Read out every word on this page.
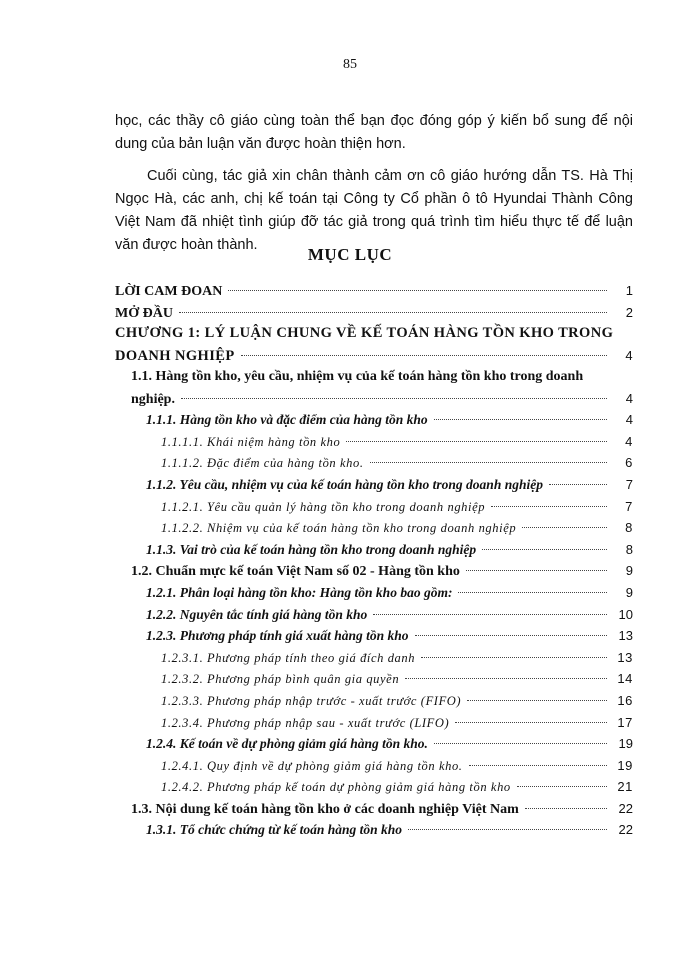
85

học, các thầy cô giáo cùng toàn thể bạn đọc đóng góp ý kiến bổ sung để nội dung của bản luận văn được hoàn thiện hơn.

Cuối cùng, tác giả xin chân thành cảm ơn cô giáo hướng dẫn TS. Hà Thị Ngọc Hà, các anh, chị kế toán tại Công ty Cổ phần ô tô Hyundai Thành Công Việt Nam đã nhiệt tình giúp đỡ tác giả trong quá trình tìm hiểu thực tế để luận văn được hoàn thành.	MỤC LỤC
LỜI CAM ĐOAN	1
MỞ ĐẦU	2
CHƯƠNG 1: LÝ LUẬN CHUNG VỀ KẾ TOÁN HÀNG TỒN KHO TRONG
DOANH NGHIỆP	4
1.1. Hàng tồn kho, yêu cầu, nhiệm vụ của kế toán hàng tồn kho trong doanh
nghiệp.	4
1.1.1. Hàng tồn kho và đặc điểm của hàng tồn kho	4
1.1.1.1. Khái niệm hàng tồn kho	4
1.1.1.2. Đặc điểm của hàng tồn kho.	6
1.1.2. Yêu cầu, nhiệm vụ của kế toán hàng tồn kho trong doanh nghiệp	7
1.1.2.1. Yêu cầu quản lý hàng tồn kho trong doanh nghiệp	7
1.1.2.2. Nhiệm vụ của kế toán hàng tồn kho trong doanh nghiệp	8
1.1.3. Vai trò của kế toán hàng tồn kho trong doanh nghiệp	8
1.2. Chuẩn mực kế toán Việt Nam số 02 - Hàng tồn kho	9
1.2.1. Phân loại hàng tồn kho: Hàng tồn kho bao gồm:	9
1.2.2. Nguyên tắc tính giá hàng tồn kho	10
1.2.3. Phương pháp tính giá xuất hàng tồn kho	13
1.2.3.1. Phương pháp tính theo giá đích danh	13
1.2.3.2. Phương pháp bình quân gia quyền	14
1.2.3.3. Phương pháp nhập trước - xuất trước (FIFO)	16
1.2.3.4. Phương pháp nhập sau - xuất trước (LIFO)	17
1.2.4. Kế toán về dự phòng giảm giá hàng tồn kho.	19
1.2.4.1. Quy định về dự phòng giảm giá hàng tồn kho.	19
1.2.4.2. Phương pháp kế toán dự phòng giảm giá hàng tồn kho	21
1.3. Nội dung kế toán hàng tồn kho ở các doanh nghiệp Việt Nam	22
1.3.1. Tổ chức chứng từ kế toán hàng tồn kho	22
